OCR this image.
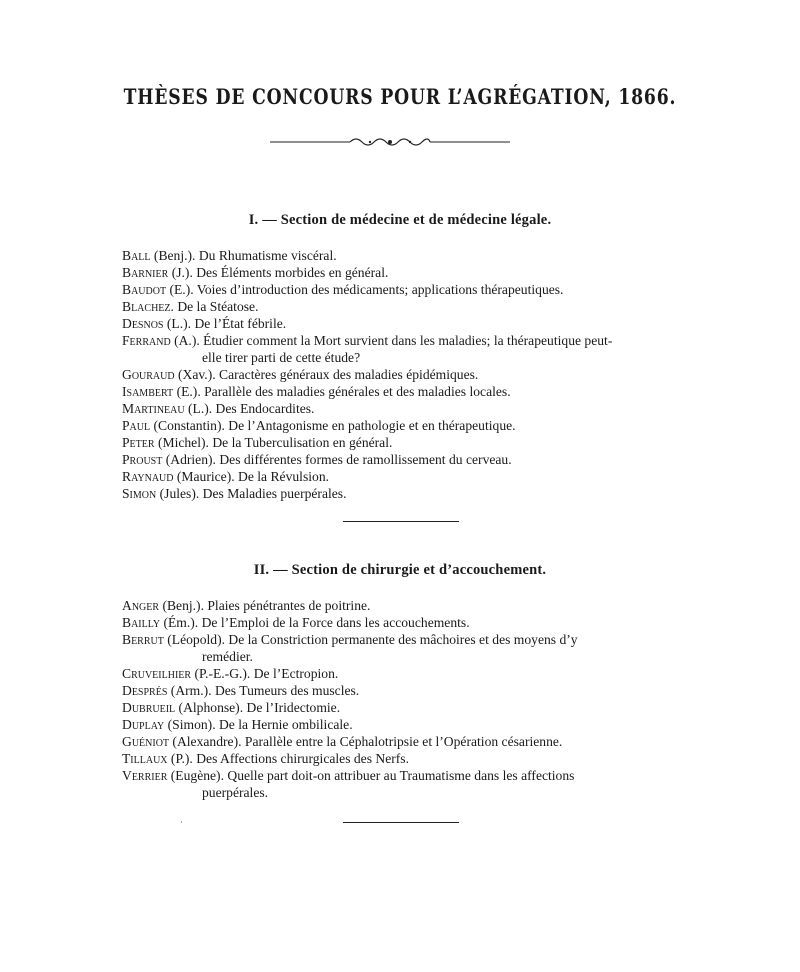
THÈSES DE CONCOURS POUR L’AGRÉGATION, 1866.
I. — Section de médecine et de médecine légale.
Ball (Benj.). Du Rhumatisme viscéral.
Barnier (J.). Des Éléments morbides en général.
Baudot (E.). Voies d’introduction des médicaments; applications thérapeutiques.
Blachez. De la Stéatose.
Desnos (L.). De l’État fébrile.
Ferrand (A.). Étudier comment la Mort survient dans les maladies; la thérapeutique peut-
elle tirer parti de cette étude?
Gouraud (Xav.). Caractères généraux des maladies épidémiques.
Isambert (E.). Parallèle des maladies générales et des maladies locales.
Martineau (L.). Des Endocardites.
Paul (Constantin). De l’Antagonisme en pathologie et en thérapeutique.
Peter (Michel). De la Tuberculisation en général.
Proust (Adrien). Des différentes formes de ramollissement du cerveau.
Raynaud (Maurice). De la Révulsion.
Simon (Jules). Des Maladies puerpérales.
II. — Section de chirurgie et d’accouchement.
Anger (Benj.). Plaies pénétrantes de poitrine.
Bailly (Ém.). De l’Emploi de la Force dans les accouchements.
Berrut (Léopold). De la Constriction permanente des mâchoires et des moyens d’y
remédier.
Cruveilhier (P.-E.-G.). De l’Ectropion.
Després (Arm.). Des Tumeurs des muscles.
Dubrueil (Alphonse). De l’Iridectomie.
Duplay (Simon). De la Hernie ombilicale.
Guéniot (Alexandre). Parallèle entre la Céphalotripsie et l’Opération césarienne.
Tillaux (P.). Des Affections chirurgicales des Nerfs.
Verrier (Eugène). Quelle part doit-on attribuer au Traumatisme dans les affections
puerpérales.
·
